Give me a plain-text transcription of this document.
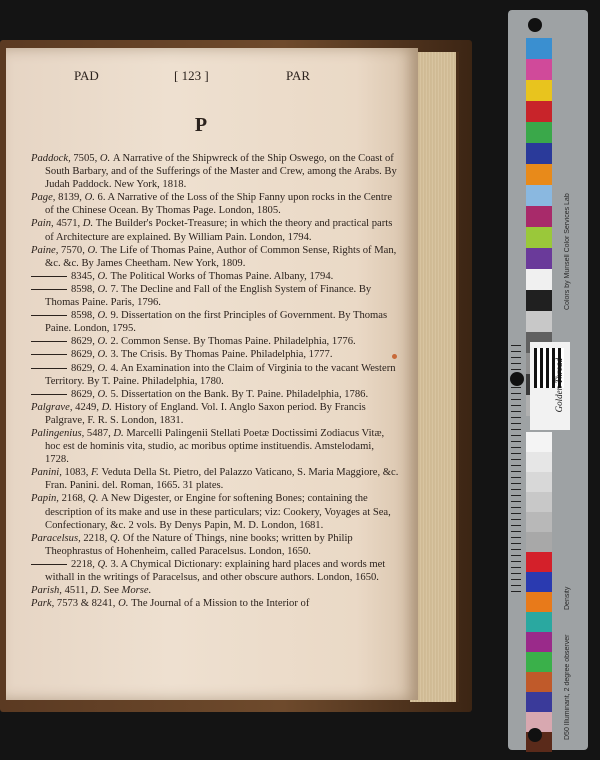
PAD	[ 123 ]	PAR
P
Paddock, 7505, O. A Narrative of the Shipwreck of the Ship Oswego, on the Coast of South Barbary, and of the Sufferings of the Master and Crew, among the Arabs. By Judah Paddock. New York, 1818.
Page, 8139, O. 6. A Narrative of the Loss of the Ship Fanny upon rocks in the Centre of the Chinese Ocean. By Thomas Page. London, 1805.
Pain, 4571, D. The Builder's Pocket-Treasure; in which the theory and practical parts of Architecture are explained. By William Pain. London, 1794.
Paine, 7570, O. The Life of Thomas Paine, Author of Common Sense, Rights of Man, &c. &c. By James Cheetham. New York, 1809.
8345, O. The Political Works of Thomas Paine. Albany, 1794.
8598, O. 7. The Decline and Fall of the English System of Finance. By Thomas Paine. Paris, 1796.
8598, O. 9. Dissertation on the first Principles of Government. By Thomas Paine. London, 1795.
8629, O. 2. Common Sense. By Thomas Paine. Philadelphia, 1776.
8629, O. 3. The Crisis. By Thomas Paine. Philadelphia, 1777.
8629, O. 4. An Examination into the Claim of Virginia to the vacant Western Territory. By T. Paine. Philadelphia, 1780.
8629, O. 5. Dissertation on the Bank. By T. Paine. Philadelphia, 1786.
Palgrave, 4249, D. History of England. Vol. I. Anglo Saxon period. By Francis Palgrave, F. R. S. London, 1831.
Palingenius, 5487, D. Marcelli Palingenii Stellati Poetæ Doctissimi Zodiacus Vitæ, hoc est de hominis vita, studio, ac moribus optime instituendis. Amstelodami, 1728.
Panini, 1083, F. Veduta Della St. Pietro, del Palazzo Vaticano, S. Maria Maggiore, &c. Fran. Panini. del. Roman, 1665. 31 plates.
Papin, 2168, Q. A New Digester, or Engine for softening Bones; containing the description of its make and use in these particulars; viz: Cookery, Voyages at Sea, Confectionary, &c. 2 vols. By Denys Papin, M. D. London, 1681.
Paracelsus, 2218, Q. Of the Nature of Things, nine books; written by Philip Theophrastus of Hohenheim, called Paracelsus. London, 1650.
2218, Q. 3. A Chymical Dictionary: explaining hard places and words met withall in the writings of Paracelsus, and other obscure authors. London, 1650.
Parish, 4511, D. See Morse.
Park, 7573 & 8241, O. The Journal of a Mission to the Interior of
Colors by Munsell Color Services Lab
Golden Thread
Density
D50 Illuminant, 2 degree observer
